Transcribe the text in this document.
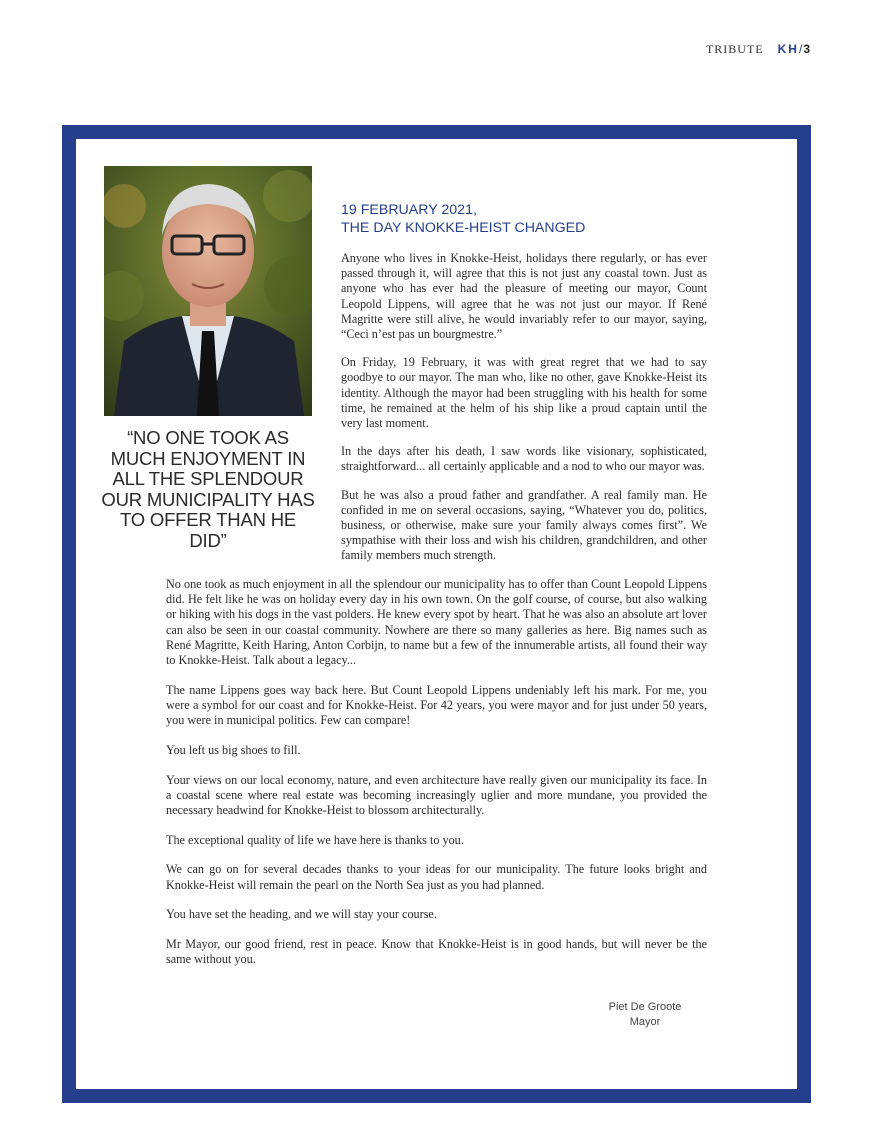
TRIBUTE KH/3

“NO ONE TOOK AS MUCH ENJOYMENT IN ALL THE SPLENDOUR OUR MUNICIPALITY HAS TO OFFER THAN HE DID”

19 FEBRUARY 2021,
THE DAY KNOKKE-HEIST CHANGED

Anyone who lives in Knokke-Heist, holidays there regularly, or has ever passed through it, will agree that this is not just any coastal town. Just as anyone who has ever had the pleasure of meeting our mayor, Count Leopold Lippens, will agree that he was not just our mayor. If René Magritte were still alive, he would invariably refer to our mayor, saying, “Ceci n’est pas un bourgmestre.”

On Friday, 19 February, it was with great regret that we had to say goodbye to our mayor. The man who, like no other, gave Knokke-Heist its identity. Although the mayor had been struggling with his health for some time, he remained at the helm of his ship like a proud captain until the very last moment.

In the days after his death, I saw words like visionary, sophisticated, straightforward... all certainly applicable and a nod to who our mayor was.

But he was also a proud father and grandfather. A real family man. He confided in me on several occasions, saying, “Whatever you do, politics, business, or otherwise, make sure your family always comes first”. We sympathise with their loss and wish his children, grandchildren, and other family members much strength.

No one took as much enjoyment in all the splendour our municipality has to offer than Count Leopold Lippens did. He felt like he was on holiday every day in his own town. On the golf course, of course, but also walking or hiking with his dogs in the vast polders. He knew every spot by heart. That he was also an absolute art lover can also be seen in our coastal community. Nowhere are there so many galleries as here. Big names such as René Magritte, Keith Haring, Anton Corbijn, to name but a few of the innumerable artists, all found their way to Knokke-Heist. Talk about a legacy...

The name Lippens goes way back here. But Count Leopold Lippens undeniably left his mark. For me, you were a symbol for our coast and for Knokke-Heist. For 42 years, you were mayor and for just under 50 years, you were in municipal politics. Few can compare!

You left us big shoes to fill.

Your views on our local economy, nature, and even architecture have really given our municipality its face. In a coastal scene where real estate was becoming increasingly uglier and more mundane, you provided the necessary headwind for Knokke-Heist to blossom architecturally.

The exceptional quality of life we have here is thanks to you.

We can go on for several decades thanks to your ideas for our municipality. The future looks bright and Knokke-Heist will remain the pearl on the North Sea just as you had planned.

You have set the heading, and we will stay your course.

Mr Mayor, our good friend, rest in peace. Know that Knokke-Heist is in good hands, but will never be the same without you.

Piet De Groote
Mayor
